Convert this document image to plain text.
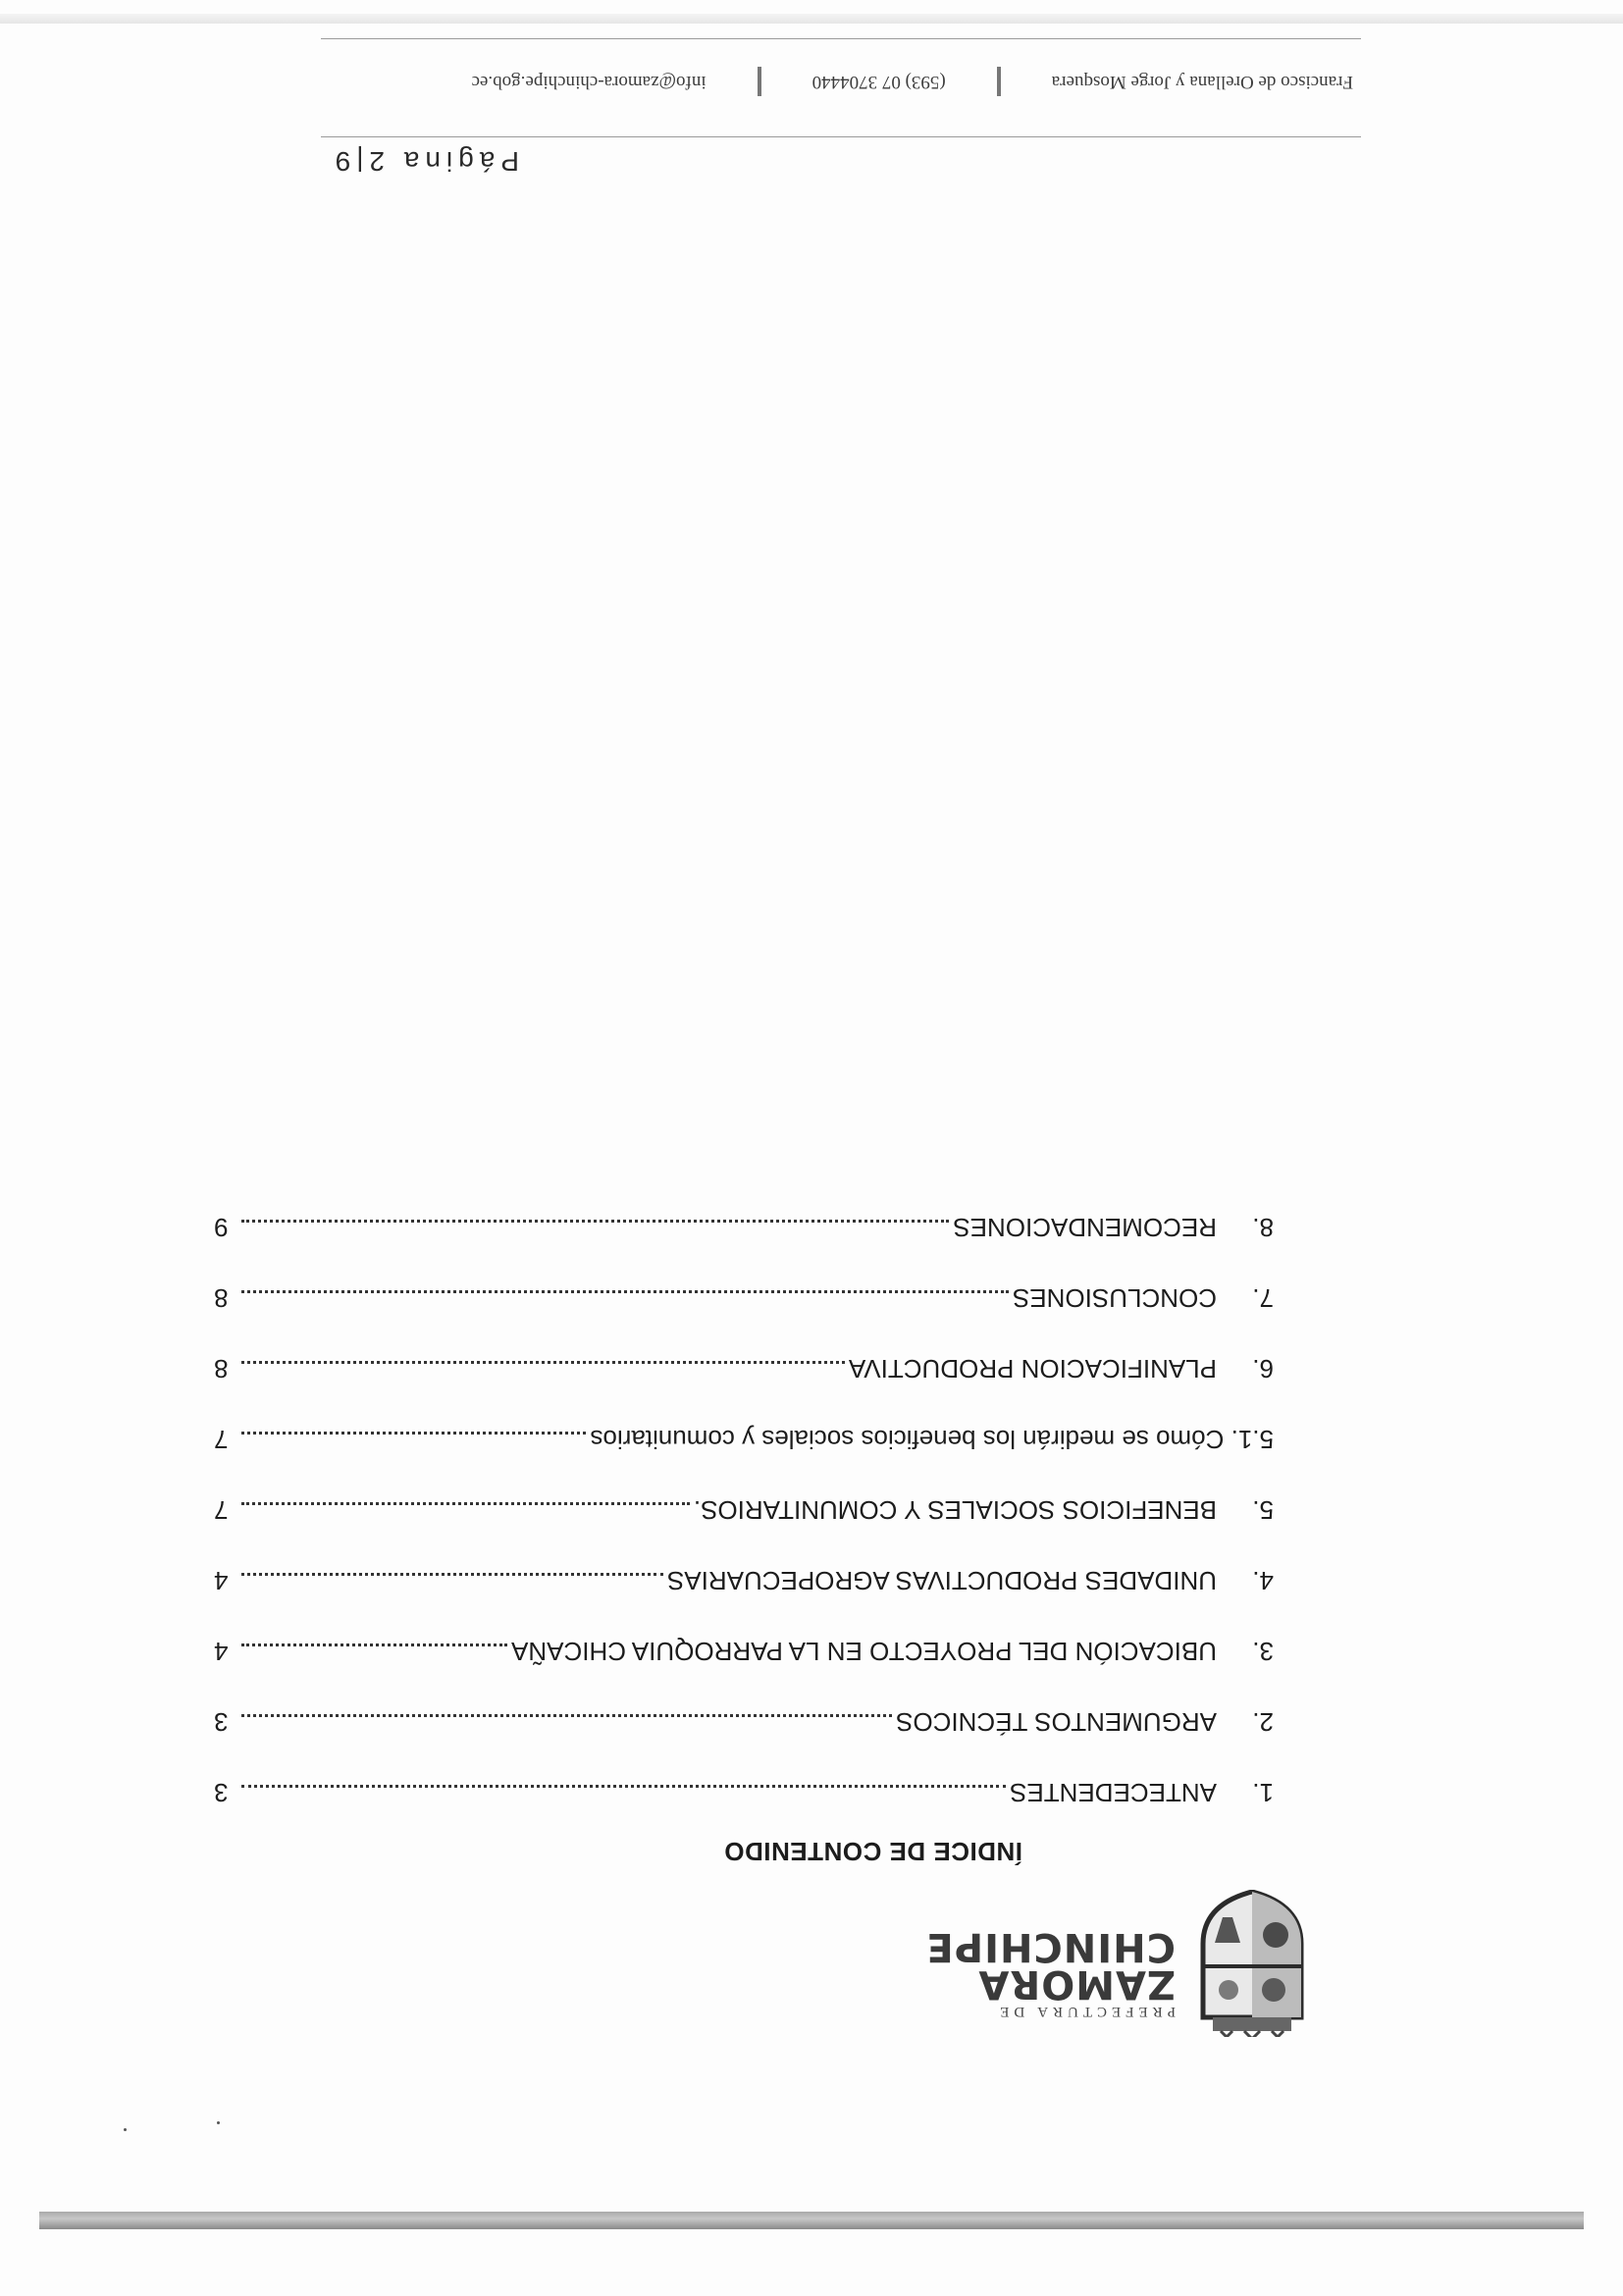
PREFECTURA DE
ZAMORA
CHINCHIPE
ÍNDICE DE CONTENIDO
1.
ANTECEDENTES
3
2.
ARGUMENTOS TÉCNICOS
3
3.
UBICACIÓN DEL PROYECTO EN LA PARROQUIA CHICAÑA
4
4.
UNIDADES PRODUCTIVAS AGROPECUARIAS
4
5.
BENEFICIOS SOCIALES Y COMUNITARIOS.
7
5.1. Cómo se medirán los beneficios sociales y comunitarios
7
6.
PLANIFICACION PRODUCTIVA
8
7.
CONCLUSIONES
8
8.
RECOMENDACIONES
9
Página 2|9
Francisco de Orellana y Jorge Mosquera
(593) 07 3704440
info@zamora-chinchipe.gob.ec
